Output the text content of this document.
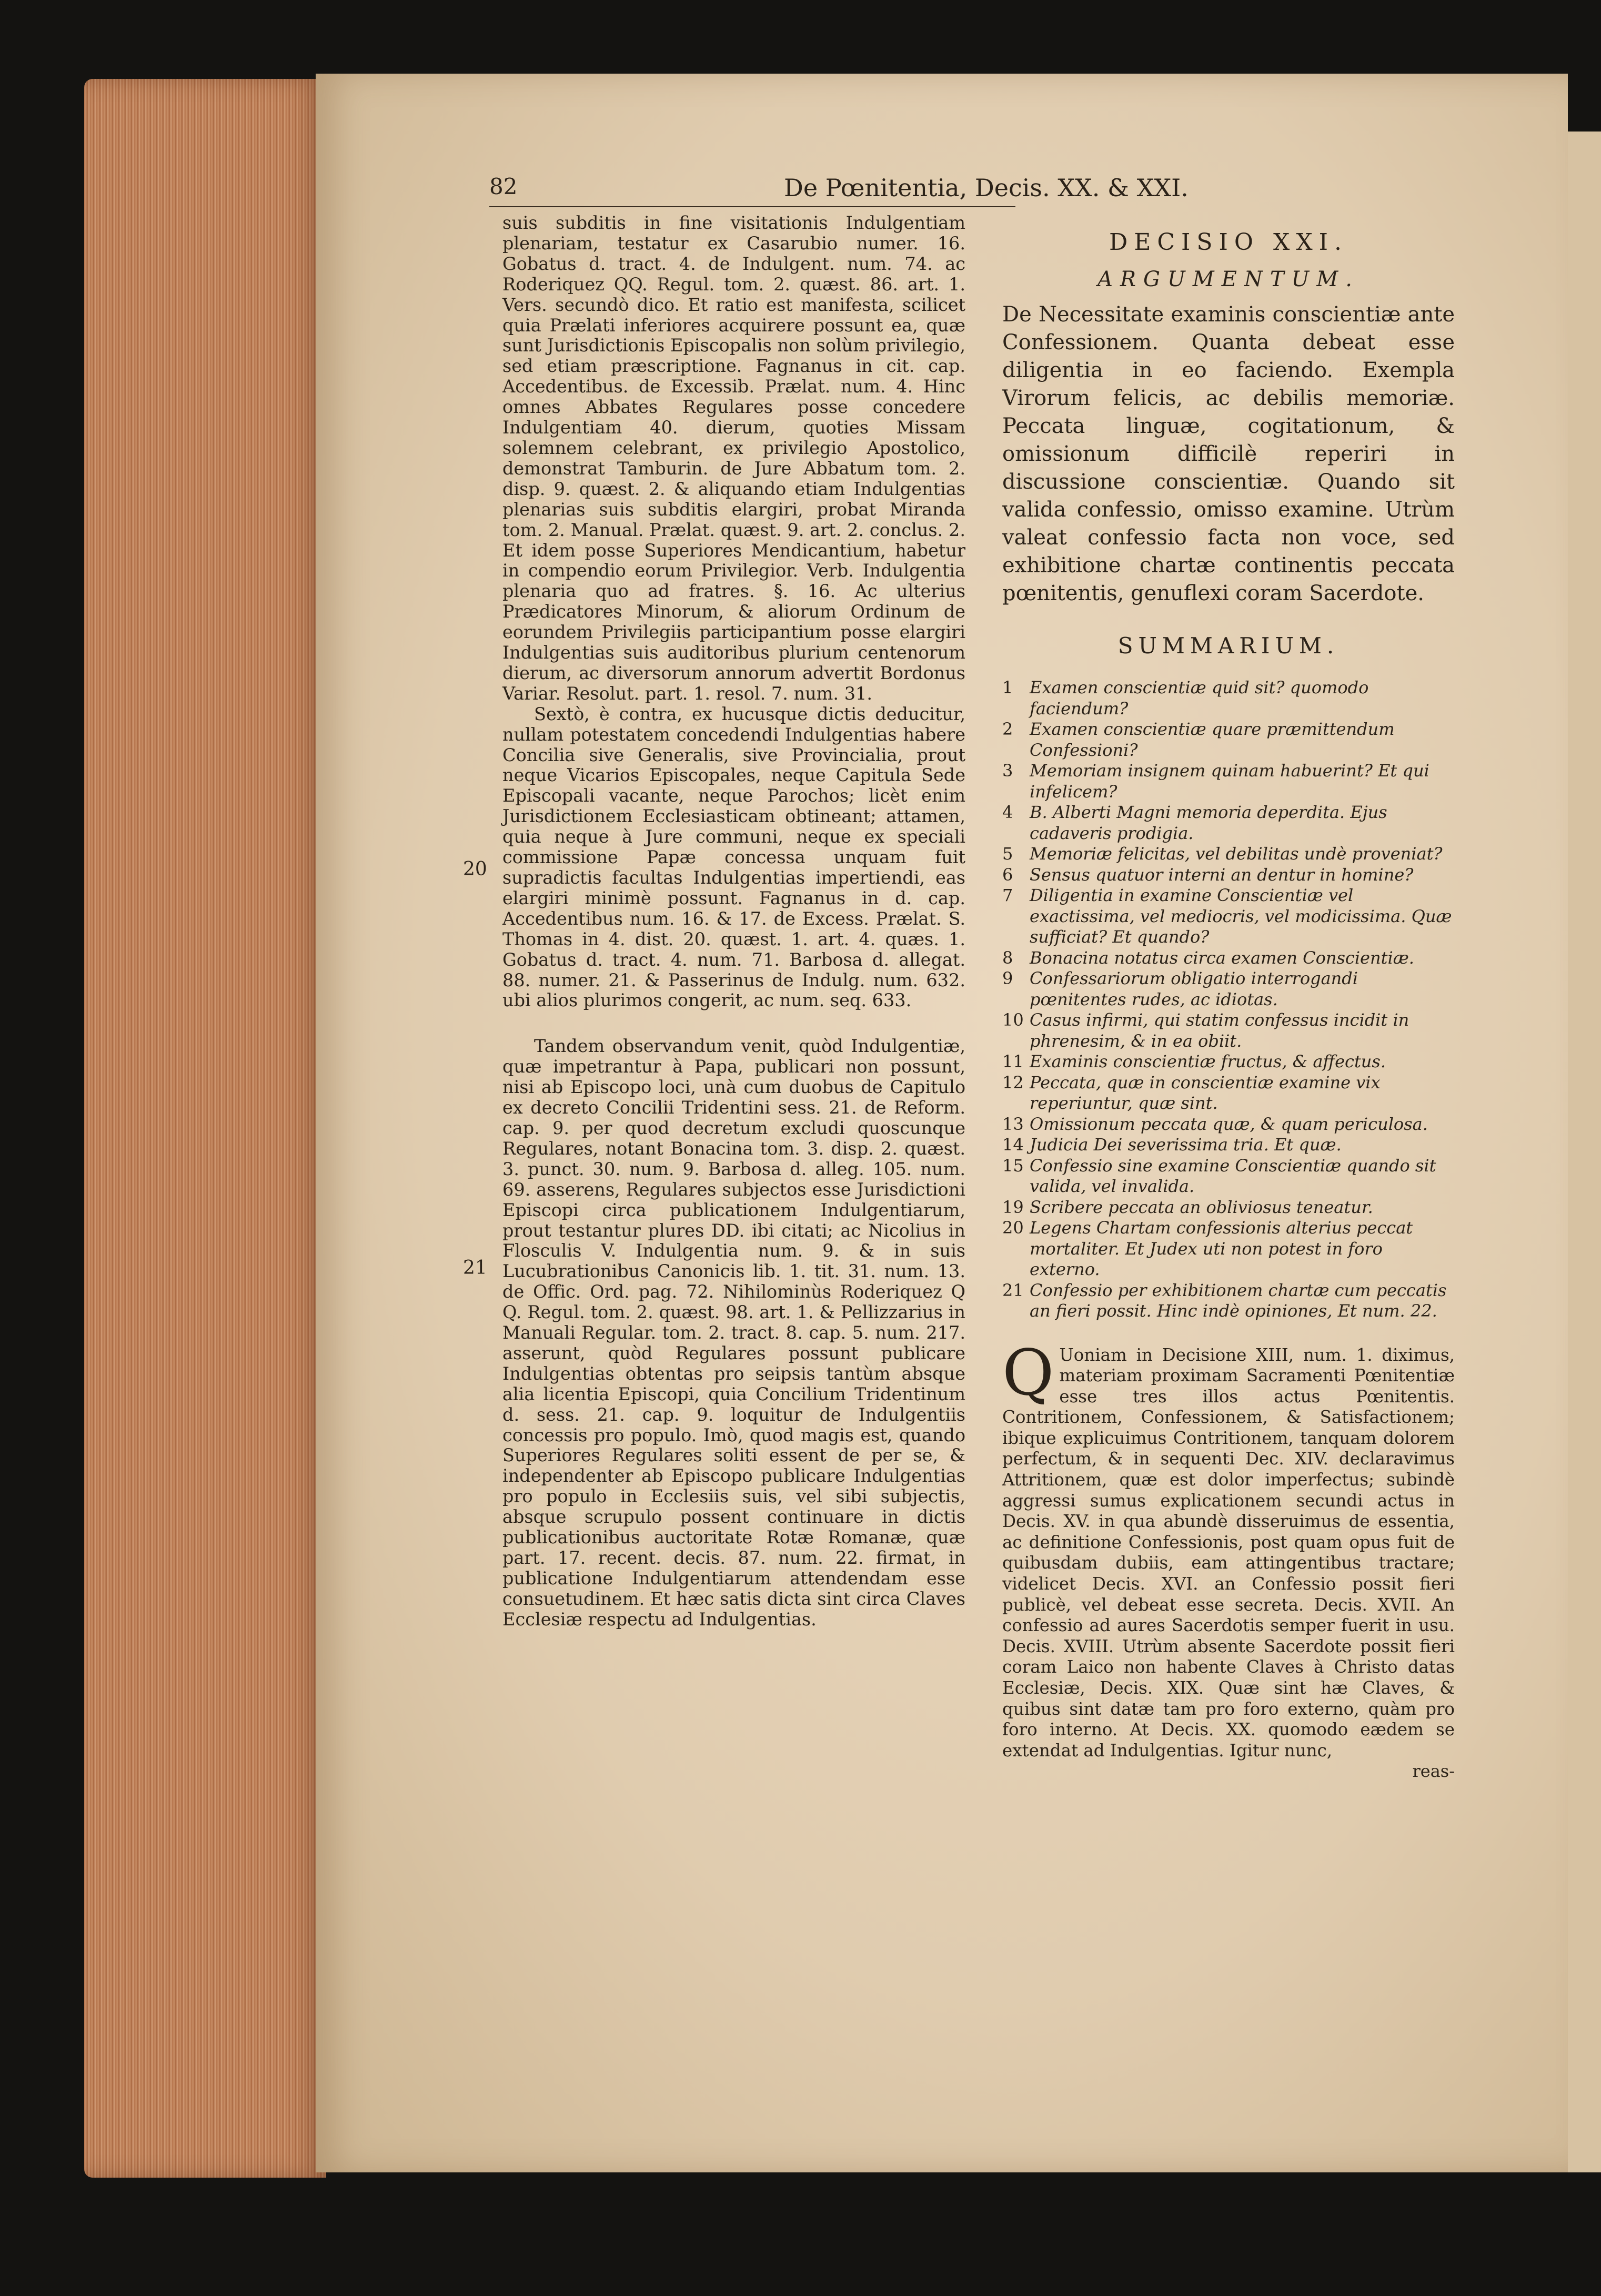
82	De Pœnitentia, Decis. XX. & XXI.
20
21

suis subditis in fine visitationis Indulgentiam plenariam, testatur ex Casarubio numer. 16. Gobatus d. tract. 4. de Indulgent. num. 74. ac Roderiquez QQ. Regul. tom. 2. quæst. 86. art. 1. Vers. secundò dico. Et ratio est manifesta, scilicet quia Prælati inferiores acquirere possunt ea, quæ sunt Jurisdictionis Episcopalis non solùm privilegio, sed etiam præscriptione. Fagnanus in cit. cap. Accedentibus. de Excessib. Prælat. num. 4. Hinc omnes Abbates Regulares posse concedere Indulgentiam 40. dierum, quoties Missam solemnem celebrant, ex privilegio Apostolico, demonstrat Tamburin. de Jure Abbatum tom. 2. disp. 9. quæst. 2. & aliquando etiam Indulgentias plenarias suis subditis elargiri, probat Miranda tom. 2. Manual. Prælat. quæst. 9. art. 2. conclus. 2. Et idem posse Superiores Mendicantium, habetur in compendio eorum Privilegior. Verb. Indulgentia plenaria quo ad fratres. §. 16. Ac ulterius Prædicatores Minorum, & aliorum Ordinum de eorundem Privilegiis participantium posse elargiri Indulgentias suis auditoribus plurium centenorum dierum, ac diversorum annorum advertit Bordonus Variar. Resolut. part. 1. resol. 7. num. 31.

Sextò, è contra, ex hucusque dictis deducitur, nullam potestatem concedendi Indulgentias habere Concilia sive Generalis, sive Provincialia, prout neque Vicarios Episcopales, neque Capitula Sede Episcopali vacante, neque Parochos; licèt enim Jurisdictionem Ecclesiasticam obtineant; attamen, quia neque à Jure communi, neque ex speciali commissione Papæ concessa unquam fuit supradictis facultas Indulgentias impertiendi, eas elargiri minimè possunt. Fagnanus in d. cap. Accedentibus num. 16. & 17. de Excess. Prælat. S. Thomas in 4. dist. 20. quæst. 1. art. 4. quæs. 1. Gobatus d. tract. 4. num. 71. Barbosa d. allegat. 88. numer. 21. & Passerinus de Indulg. num. 632. ubi alios plurimos congerit, ac num. seq. 633.

Tandem observandum venit, quòd Indulgentiæ, quæ impetrantur à Papa, publicari non possunt, nisi ab Episcopo loci, unà cum duobus de Capitulo ex decreto Concilii Tridentini sess. 21. de Reform. cap. 9. per quod decretum excludi quoscunque Regulares, notant Bonacina tom. 3. disp. 2. quæst. 3. punct. 30. num. 9. Barbosa d. alleg. 105. num. 69. asserens, Regulares subjectos esse Jurisdictioni Episcopi circa publicationem Indulgentiarum, prout testantur plures DD. ibi citati; ac Nicolius in Flosculis V. Indulgentia num. 9. & in suis Lucubrationibus Canonicis lib. 1. tit. 31. num. 13. de Offic. Ord. pag. 72. Nihilominùs Roderiquez Q Q. Regul. tom. 2. quæst. 98. art. 1. & Pellizzarius in Manuali Regular. tom. 2. tract. 8. cap. 5. num. 217. asserunt, quòd Regulares possunt publicare Indulgentias obtentas pro seipsis tantùm absque alia licentia Episcopi, quia Concilium Tridentinum d. sess. 21. cap. 9. loquitur de Indulgentiis concessis pro populo. Imò, quod magis est, quando Superiores Regulares soliti essent de per se, & independenter ab Episcopo publicare Indulgentias pro populo in Ecclesiis suis, vel sibi subjectis, absque scrupulo possent continuare in dictis publicationibus auctoritate Rotæ Romanæ, quæ part. 17. recent. decis. 87. num. 22. firmat, in publicatione Indulgentiarum attendendam esse consuetudinem. Et hæc satis dicta sint circa Claves Ecclesiæ respectu ad Indulgentias.

DECISIO XXI.

ARGUMENTUM.

De Necessitate examinis conscientiæ ante Confessionem. Quanta debeat esse diligentia in eo faciendo. Exempla Virorum felicis, ac debilis memoriæ. Peccata linguæ, cogitationum, & omissionum difficilè reperiri in discussione conscientiæ. Quando sit valida confessio, omisso examine. Utrùm valeat confessio facta non voce, sed exhibitione chartæ continentis peccata pœnitentis, genuflexi coram Sacerdote.

SUMMARIUM.

1 Examen conscientiæ quid sit? quomodo faciendum?

2 Examen conscientiæ quare præmittendum Confessioni?

3 Memoriam insignem quinam habuerint? Et qui infelicem?

4 B. Alberti Magni memoria deperdita. Ejus cadaveris prodigia.

5 Memoriæ felicitas, vel debilitas undè proveniat?

6 Sensus quatuor interni an dentur in homine?

7 Diligentia in examine Conscientiæ vel exactissima, vel mediocris, vel modicissima. Quæ sufficiat? Et quando?

8 Bonacina notatus circa examen Conscientiæ.

9 Confessariorum obligatio interrogandi pœnitentes rudes, ac idiotas.

10 Casus infirmi, qui statim confessus incidit in phrenesim, & in ea obiit.

11 Examinis conscientiæ fructus, & affectus.

12 Peccata, quæ in conscientiæ examine vix reperiuntur, quæ sint.

13 Omissionum peccata quæ, & quam periculosa.

14 Judicia Dei severissima tria. Et quæ.

15 Confessio sine examine Conscientiæ quando sit valida, vel invalida.

19 Scribere peccata an obliviosus teneatur.

20 Legens Chartam confessionis alterius peccat mortaliter. Et Judex uti non potest in foro externo.

21 Confessio per exhibitionem chartæ cum peccatis an fieri possit. Hinc indè opiniones, Et num. 22.

Q Uoniam in Decisione XIII, num. 1. diximus, materiam proximam Sacramenti Pœnitentiæ esse tres illos actus Pœnitentis. Contritionem, Confessionem, & Satisfactionem; ibique explicuimus Contritionem, tanquam dolorem perfectum, & in sequenti Dec. XIV. declaravimus Attritionem, quæ est dolor imperfectus; subindè aggressi sumus explicationem secundi actus in Decis. XV. in qua abundè disseruimus de essentia, ac definitione Confessionis, post quam opus fuit de quibusdam dubiis, eam attingentibus tractare; videlicet Decis. XVI. an Confessio possit fieri publicè, vel debeat esse secreta. Decis. XVII. An confessio ad aures Sacerdotis semper fuerit in usu. Decis. XVIII. Utrùm absente Sacerdote possit fieri coram Laico non habente Claves à Christo datas Ecclesiæ, Decis. XIX. Quæ sint hæ Claves, & quibus sint datæ tam pro foro externo, quàm pro foro interno. At Decis. XX. quomodo eædem se extendat ad Indulgentias. Igitur nunc,

reas-
